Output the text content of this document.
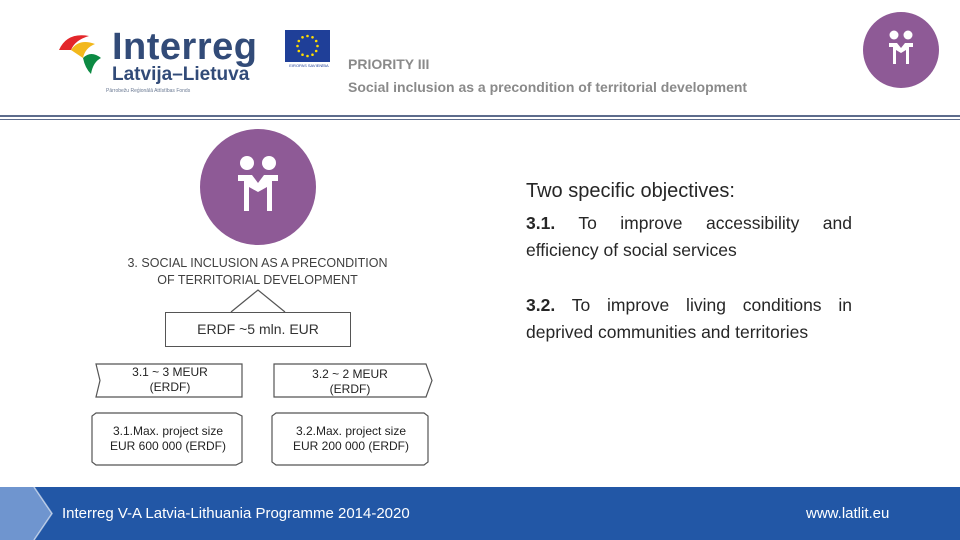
Interreg
Latvija–Lietuva
Pārrobežu Reģionālā Attīstības Fonds
EIROPAS SAVIENĪBA	PRIORITY III
Social inclusion as a precondition of territorial development
3. SOCIAL INCLUSION AS A PRECONDITION
OF TERRITORIAL DEVELOPMENT
ERDF ~5 mln. EUR
3.1 ~ 3 MEUR
(ERDF)
3.2 ~ 2 MEUR
(ERDF)
3.1.Max. project size
EUR 600 000 (ERDF)
3.2.Max. project size
EUR 200 000 (ERDF)
Two specific objectives:
3.1. To improve accessibility and efficiency of social services
3.2. To improve living conditions in deprived communities and territories
Interreg V-A Latvia-Lithuania Programme 2014-2020	www.latlit.eu
